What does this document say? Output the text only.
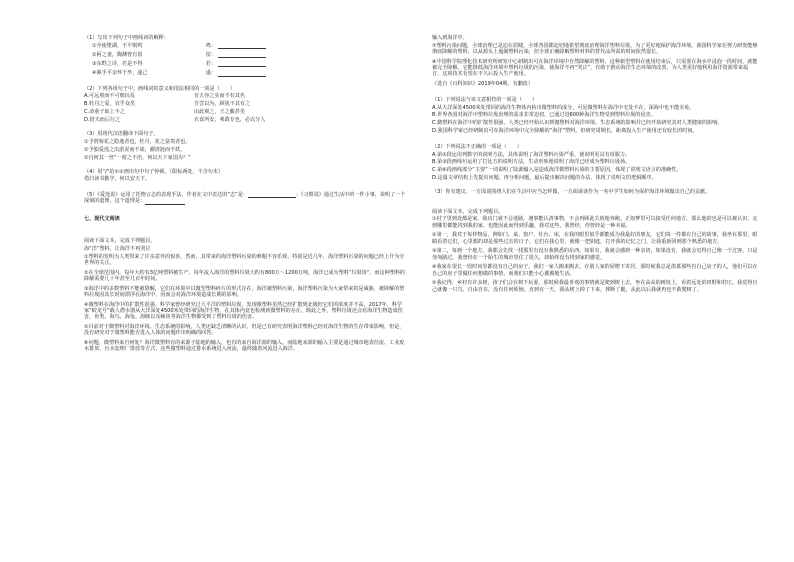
（1）写出下列句子中画线词的解释：

①至使堕湖，不平则鸣	鸣：
②阿之妻，陶渊曾有留	留：
③东野之诗，若是不得	若：
④孰手平亲怀于坐，遂己	遂：

（2）下列各组句子中，画线词的意义和用法相同的一项是（　　）

A.可远观而不可亵玩焉	有五谷之实而不有其名
B.牡丹之爱，宜乎众矣	吾尝以为，顾犹不其有之
C.命童子取上不之	由此观之，王之蔽甚矣
D.借夫而后行之	衣食所安，弗敢专也，必以分人

（3）用现代汉语翻译下面句子。

①予谓菊花之隐逸者也，牡丹，花之富贵者也。

②予独爱莲之出淤泥而不染，濯清涟而不妖。

②自何其一丝“一窗之不治，何以天下家国为？”

（4）用“/”给①②画出句中句子停顿。（限标两处，不含句末）

借曰读书勤学，何以安天下。

（5）《爱莲说》运用了托物言志的表现手法，作者在文中表达的“志”是：	；《习惯说》通过生活中的一件小事，说明了一个深刻的道理，这个道理是：

七、现代文阅读

阅读下面文本，完成下列题目。

海“洋”塑料，让海洋不再哭泣

①塑料的发明为人类带来了许多意外的惊喜，然而，其带来的海洋塑料污染的难题不容乐观，特别是近几年，海洋塑料污染的问题已经上升为全世界的关注。

②在全球范围内，每年大约有3亿吨塑料被生产，每年流入海洋的塑料垃圾大约有800万～1200万吨，海洋已成为塑料“垃圾场”，而这种塑料的降解需要几十年甚至几百年时间。

③海洋中的多数塑料不能被降解，它们在环境中以微型塑料碎片的形式存在，海洋被塑料污染，海洋塑料污染为大家带来的是威胁，被降解的塑料垃圾因其长时间漂浮在海洋中，因而会对海洋环境造成长期的影响。

④微塑料在海洋中的扩散性很强。科学家曾经研究过大平洋的塑料垃圾，发现微塑料虽然已经扩散到北极但它们的浓度并不高。2017年，科学家“蛟龙号”载人潜水器从大洋深处4500米处带回的海洋生物，在其体内竟也检测到微塑料的存在。除此之外，塑料垃圾还会对海洋生物造成伤害，鱼类、海鸟、海龟、海豚以及鲸鱼等海洋生物都受到了塑料垃圾的伤害。

⑤目前对于微塑料对海洋环境、生态系统的影响，人类还缺乏清晰的认识，但是已有研究表明海洋塑料已经对海洋生物的生存带来影响，但是，没有研究对于微塑料能否进入人体的问题作出明确的回答。

⑥问题，微塑料来自何处？海洋微塑料有的来源于陆地的输入，也有的来自海洋源的输入。而陆地来源的输入主要是通过城市地表径流、工业废水排放、污水处理厂排放等方式，这些微塑料通过排水系统进入河流，最终随着河流进入海洋。

输入到海洋中。

⑦塑料污染问题，全球治理已是迫在眉睫，全球各国都迫切地希望彻底治理海洋塑料垃圾，为了更好地保护海洋环境，我国科学家在努力研发能够彻底降解的塑料，以从源头上遏制塑料污染，但全球正确降解塑料材料的替代品所需的时间依然很长。

⑧中国科学院理化技术研究所研发中心研制出可在海洋环境中自然降解的塑料，这种新型塑料在使用结束后，只需要在海水中浸泡一段时间，就能被完全降解。它能降低海洋环境中塑料垃圾的污染，使海洋不再“哭泣”，有助于推动海洋生态环境的改善，为人类更好地利用海洋资源带来福音，这项技术有望在不久后投入生产使用。

（选自《百科知识》2019年04期，有删改）

（1）下列说法与该文意相符的一项是（　　）

A.从大洋深处4500米处带回的海洋生物体内检出微塑料的成分，可见微塑料在海洋中无处不在，深海中也不能幸免。

B.世界各国对海洋中塑料垃圾治理的需求非常迫切，已通过进600种海洋生物受到塑料垃圾的侵害。

C.微塑料在海洋中的扩散性很强，人类已经开始认识到微塑料对海洋环境、生态系统的影响并已经开始研究其对人类健康的影响。

D.我国科学家已经研制出可在海洋环境中完全降解的“海洋”塑料，但研究周期长，距离投入生产使用还有较长的时间。

（2）下列说法不正确的一项是（　　）

A.第②段运用列数字的说明方法，具体说明了海洋塑料污染严重，使说明更具有说服力。

B.第③段画线句运用了打比方的说明方法，生动形象地说明了海洋已经成为塑料垃圾场。

C.第⑥段画线部分“主要”一词说明了陆源输入是造成海洋微塑料污染的主要原因，体现了说明文语言的准确性。

D.这篇文章结构上先提出问题、再分析问题，最后提出解决问题的办法，体现了说明文的逻辑顺序。

（3）你有建议，一方面请围绕人们在生活中应当怎样做，一方面谈谈作为一名中学生如何为保护海洋环境做出自己的贡献。

阅读下面文本，完成下列题目。

①村子里到处都是家，我出门就不会迷路，遇事能认清事物，不会再顾此失彼地奔跑。正如梦里可以接受任何地方，那么他的也是可以被认识，走到哪里都能找到我的家，也能因此而得到乐趣，我对这些，我曾经，你曾经是一种幸福。

②第一，我对于每样物品，例如门、桌、窗户、灶台、床，在我的眼里似乎都能成为我最好的朋友。它们每一件都有自己的故事，我坐在那里，眼睛看着它们，心里想的却是那些过去的日子。它们在我心里，就像一把钥匙，打开我的记忆之门，让我重新回到那个熟悉的地方。

③第二，每到一个地方，我都会先找一找那里有没有我熟悉的东西，如果有，我就会感到一种亲切，如果没有，我就会觉得自己像一个过客，只是匆匆路过。我曾经在一个陌生的城市里住了很久，却始终没有找到家的感觉。

④我家在很长一段时间里都没有自己的房子。我们一家人搬来搬去，在别人家的屋檐下寄居，那时候我总是羡慕那些有自己房子的人，他们可以在自己的房子里做任何想做的事情，而我们只能小心翼翼地生活。

⑤我记得，乡村有许多树，孩子们会在树下玩耍，那时候我最喜欢的事情就是爬到树上去，坐在高高的树枝上，看着远处的田野和村庄。我觉得自己就像一只鸟，自由自在，没有任何烦恼。直到有一天，我从树上掉了下来，摔断了腿，从此以后我就再也不敢爬树了。
